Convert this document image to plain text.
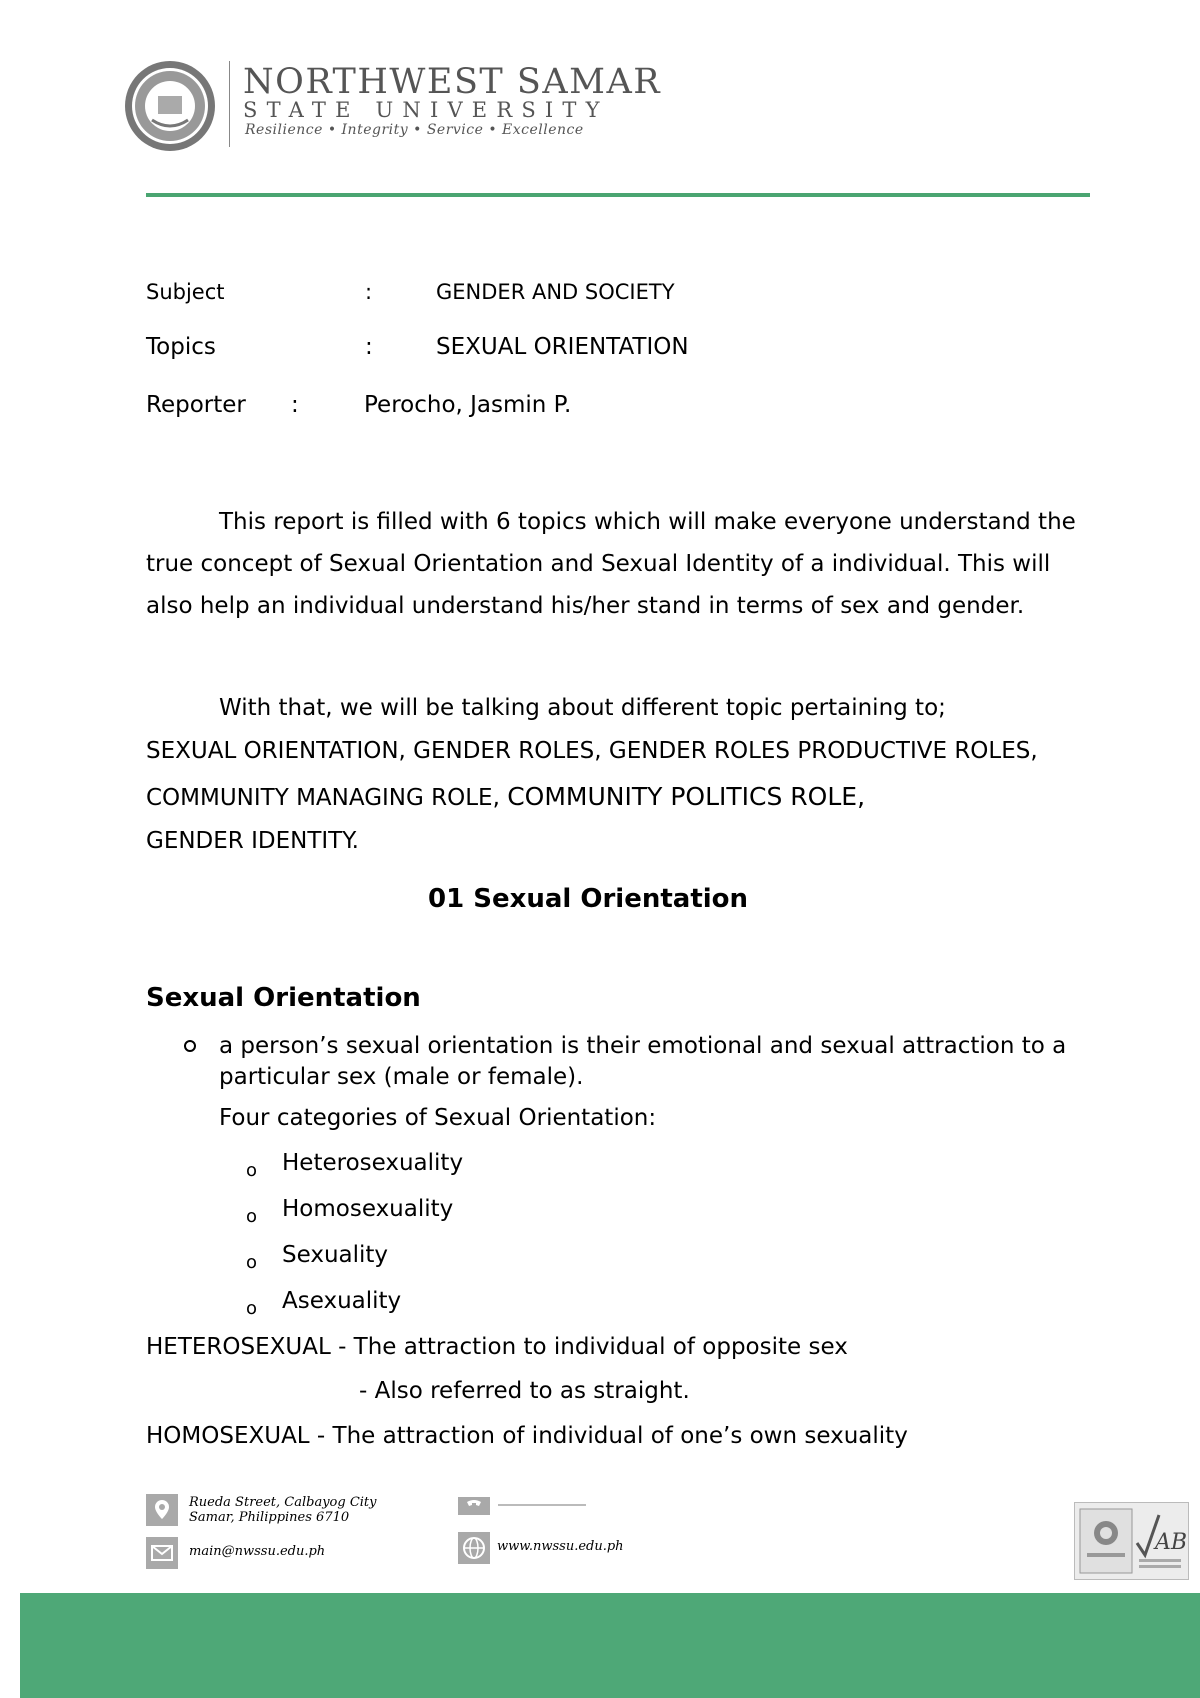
NORTHWEST SAMAR
STATE UNIVERSITY
Resilience • Integrity • Service • Excellence
Subject	:	GENDER AND SOCIETY
Topics	:	SEXUAL ORIENTATION
Reporter :	Perocho, Jasmin P.
This report is filled with 6 topics which will make everyone understand the true concept of Sexual Orientation and Sexual Identity of a individual. This will also help an individual understand his/her stand in terms of sex and gender.
With that, we will be talking about different topic pertaining to;
SEXUAL ORIENTATION, GENDER ROLES, GENDER ROLES PRODUCTIVE ROLES, COMMUNITY MANAGING ROLE, COMMUNITY POLITICS ROLE,
GENDER IDENTITY.
01 Sexual Orientation
Sexual Orientation
a person’s sexual orientation is their emotional and sexual attraction to a particular sex (male or female).
Four categories of Sexual Orientation:
o Heterosexuality
o Homosexuality
o Sexuality
o Asexuality
HETEROSEXUAL - The attraction to individual of opposite sex
- Also referred to as straight.
HOMOSEXUAL - The attraction of individual of one’s own sexuality
Rueda Street, Calbayog City
Samar, Philippines 6710
main@nwssu.edu.ph	www.nwssu.edu.ph	AB
